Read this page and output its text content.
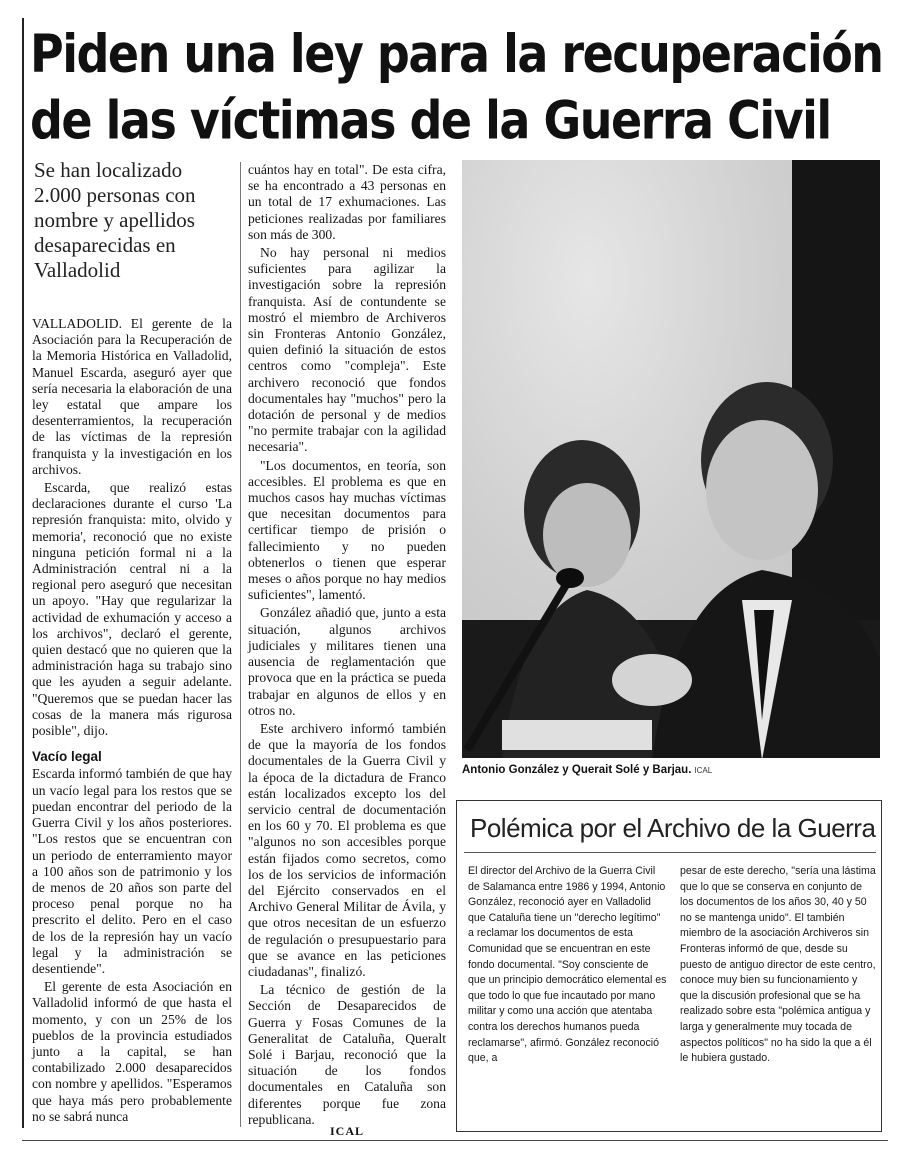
Piden una ley para la recuperación
de las víctimas de la Guerra Civil
Se han localizado 2.000 personas con nombre y apellidos desaparecidas en Valladolid

VALLADOLID. El gerente de la Asociación para la Recuperación de la Memoria Histórica en Valladolid, Manuel Escarda, aseguró ayer que sería necesaria la elaboración de una ley estatal que ampare los desenterramientos, la recuperación de las víctimas de la represión franquista y la investigación en los archivos.

Escarda, que realizó estas declaraciones durante el curso 'La represión franquista: mito, olvido y memoria', reconoció que no existe ninguna petición formal ni a la Administración central ni a la regional pero aseguró que necesitan un apoyo. "Hay que regularizar la actividad de exhumación y acceso a los archivos", declaró el gerente, quien destacó que no quieren que la administración haga su trabajo sino que les ayuden a seguir adelante. "Queremos que se puedan hacer las cosas de la manera más rigurosa posible", dijo.

Vacío legal

Escarda informó también de que hay un vacío legal para los restos que se puedan encontrar del periodo de la Guerra Civil y los años posteriores. "Los restos que se encuentran con un periodo de enterramiento mayor a 100 años son de patrimonio y los de menos de 20 años son parte del proceso penal porque no ha prescrito el delito. Pero en el caso de los de la represión hay un vacío legal y la administración se desentiende".

El gerente de esta Asociación en Valladolid informó de que hasta el momento, y con un 25% de los pueblos de la provincia estudiados junto a la capital, se han contabilizado 2.000 desaparecidos con nombre y apellidos. "Esperamos que haya más pero probablemente no se sabrá nunca

cuántos hay en total". De esta cifra, se ha encontrado a 43 personas en un total de 17 exhumaciones. Las peticiones realizadas por familiares son más de 300.

No hay personal ni medios suficientes para agilizar la investigación sobre la represión franquista. Así de contundente se mostró el miembro de Archiveros sin Fronteras Antonio González, quien definió la situación de estos centros como "compleja". Este archivero reconoció que fondos documentales hay "muchos" pero la dotación de personal y de medios "no permite trabajar con la agilidad necesaria".

"Los documentos, en teoría, son accesibles. El problema es que en muchos casos hay muchas víctimas que necesitan documentos para certificar tiempo de prisión o fallecimiento y no pueden obtenerlos o tienen que esperar meses o años porque no hay medios suficientes", lamentó.

González añadió que, junto a esta situación, algunos archivos judiciales y militares tienen una ausencia de reglamentación que provoca que en la práctica se pueda trabajar en algunos de ellos y en otros no.

Este archivero informó también de que la mayoría de los fondos documentales de la Guerra Civil y la época de la dictadura de Franco están localizados excepto los del servicio central de documentación en los 60 y 70. El problema es que "algunos no son accesibles porque están fijados como secretos, como los de los servicios de información del Ejército conservados en el Archivo General Militar de Ávila, y que otros necesitan de un esfuerzo de regulación o presupuestario para que se avance en las peticiones ciudadanas", finalizó.

La técnico de gestión de la Sección de Desaparecidos de Guerra y Fosas Comunes de la Generalitat de Cataluña, Queralt Solé i Barjau, reconoció que la situación de los fondos documentales en Cataluña son diferentes porque fue zona republicana.

ICAL
Antonio González y Querait Solé y Barjau. ICAL
Polémica por el Archivo de la Guerra
El director del Archivo de la Guerra Civil de Salamanca entre 1986 y 1994, Antonio González, reconoció ayer en Valladolid que Cataluña tiene un "derecho legítimo" a reclamar los documentos de esta Comunidad que se encuentran en este fondo documental. "Soy consciente de que un principio democrático elemental es que todo lo que fue incautado por mano militar y como una acción que atentaba contra los derechos humanos pueda reclamarse", afirmó. González reconoció que, a
pesar de este derecho, "sería una lástima que lo que se conserva en conjunto de los documentos de los años 30, 40 y 50 no se mantenga unido". El también miembro de la asociación Archiveros sin Fronteras informó de que, desde su puesto de antiguo director de este centro, conoce muy bien su funcionamiento y que la discusión profesional que se ha realizado sobre esta "polémica antigua y larga y generalmente muy tocada de aspectos políticos" no ha sido la que a él le hubiera gustado.
